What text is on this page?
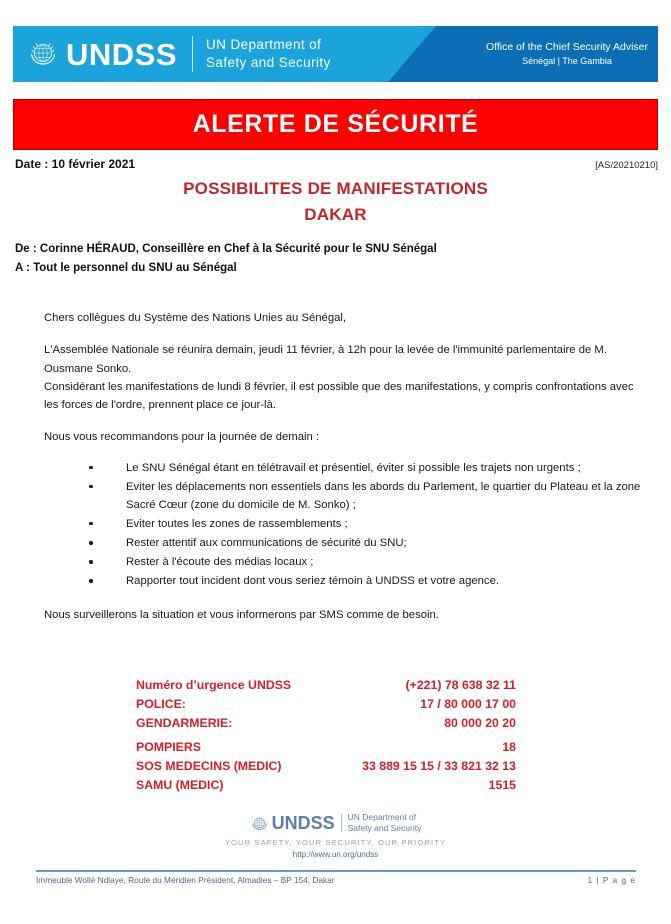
UNDSS UN Department of
Safety and Security
Office of the Chief Security Adviser
Sénégal | The Gambia
ALERTE DE SÉCURITÉ
Date : 10 février 2021	[AS/20210210]
POSSIBILITES DE MANIFESTATIONS
DAKAR
De : Corinne HÉRAUD, Conseillère en Chef à la Sécurité pour le SNU Sénégal
A : Tout le personnel du SNU au Sénégal

Chers collègues du Système des Nations Unies au Sénégal,

L'Assemblée Nationale se réunira demain, jeudi 11 février, à 12h pour la levée de l'immunité parlementaire de M. Ousmane Sonko.

Considérant les manifestations de lundi 8 février, il est possible que des manifestations, y compris confrontations avec les forces de l'ordre, prennent place ce jour-là.

Nous vous recommandons pour la journée de demain :

Le SNU Sénégal étant en télétravail et présentiel, éviter si possible les trajets non urgents ;
Eviter les déplacements non essentiels dans les abords du Parlement, le quartier du Plateau et la zone Sacré Cœur (zone du domicile de M. Sonko) ;
Eviter toutes les zones de rassemblements ;
Rester attentif aux communications de sécurité du SNU;
Rester à l'écoute des médias locaux ;
Rapporter tout incident dont vous seriez témoin à UNDSS et votre agence.

Nous surveillerons la situation et vous informerons par SMS comme de besoin.

Numéro d’urgence UNDSS	(+221) 78 638 32 11
POLICE:	17 / 80 000 17 00
GENDARMERIE:	80 000 20 20
POMPIERS	18
SOS MEDECINS (MEDIC)	33 889 15 15 / 33 821 32 13
SAMU (MEDIC)	1515
UNDSS UN Department of
Safety and Security
YOUR SAFETY, YOUR SECURITY, OUR PRIORITY
http://www.un.org/undss
Immeuble Wollé Ndiaye, Route du Méridien Président, Almadies – BP 154, Dakar	1 | P a g e
